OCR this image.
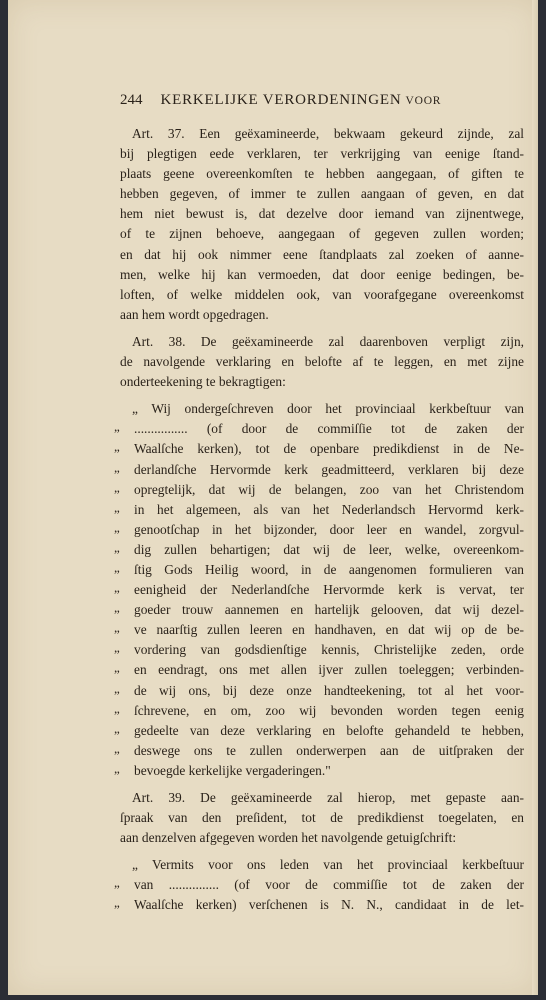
244 KERKELIJKE VERORDENINGEN VOOR
Art. 37. Een geëxamineerde, bekwaam gekeurd zijnde, zal
bij plegtigen eede verklaren, ter verkrijging van eenige ſtand-
plaats geene overeenkomſten te hebben aangegaan, of giften te
hebben gegeven, of immer te zullen aangaan of geven, en dat
hem niet bewust is, dat dezelve door iemand van zijnentwege,
of te zijnen behoeve, aangegaan of gegeven zullen worden;
en dat hij ook nimmer eene ſtandplaats zal zoeken of aanne-
men, welke hij kan vermoeden, dat door eenige bedingen, be-
loften, of welke middelen ook, van voorafgegane overeenkomst
aan hem wordt opgedragen.
Art. 38. De geëxamineerde zal daarenboven verpligt zijn,
de navolgende verklaring en belofte af te leggen, en met zijne
onderteekening te bekragtigen:
„ Wij ondergeſchreven door het provinciaal kerkbeſtuur van
„	................ (of door de commiſſie tot de zaken der
„	Waalſche kerken), tot de openbare predikdienst in de Ne-
„	derlandſche Hervormde kerk geadmitteerd, verklaren bij deze
„	opregtelijk, dat wij de belangen, zoo van het Christendom
„	in het algemeen, als van het Nederlandsch Hervormd kerk-
„	genootſchap in het bijzonder, door leer en wandel, zorgvul-
„	dig zullen behartigen; dat wij de leer, welke, overeenkom-
„	ſtig Gods Heilig woord, in de aangenomen formulieren van
„	eenigheid der Nederlandſche Hervormde kerk is vervat, ter
„	goeder trouw aannemen en hartelijk gelooven, dat wij dezel-
„	ve naarſtig zullen leeren en handhaven, en dat wij op de be-
„	vordering van godsdienſtige kennis, Christelijke zeden, orde
„	en eendragt, ons met allen ijver zullen toeleggen; verbinden-
„	de wij ons, bij deze onze handteekening, tot al het voor-
„	ſchrevene, en om, zoo wij bevonden worden tegen eenig
„	gedeelte van deze verklaring en belofte gehandeld te hebben,
„	deswege ons te zullen onderwerpen aan de uitſpraken der
„	bevoegde kerkelijke vergaderingen."
Art. 39. De geëxamineerde zal hierop, met gepaste aan-
ſpraak van den preſident, tot de predikdienst toegelaten, en
aan denzelven afgegeven worden het navolgende getuigſchrift:
„ Vermits voor ons leden van het provinciaal kerkbeſtuur
„	van ............... (of voor de commiſſie tot de zaken der
„	Waalſche kerken) verſchenen is N. N., candidaat in de let-
